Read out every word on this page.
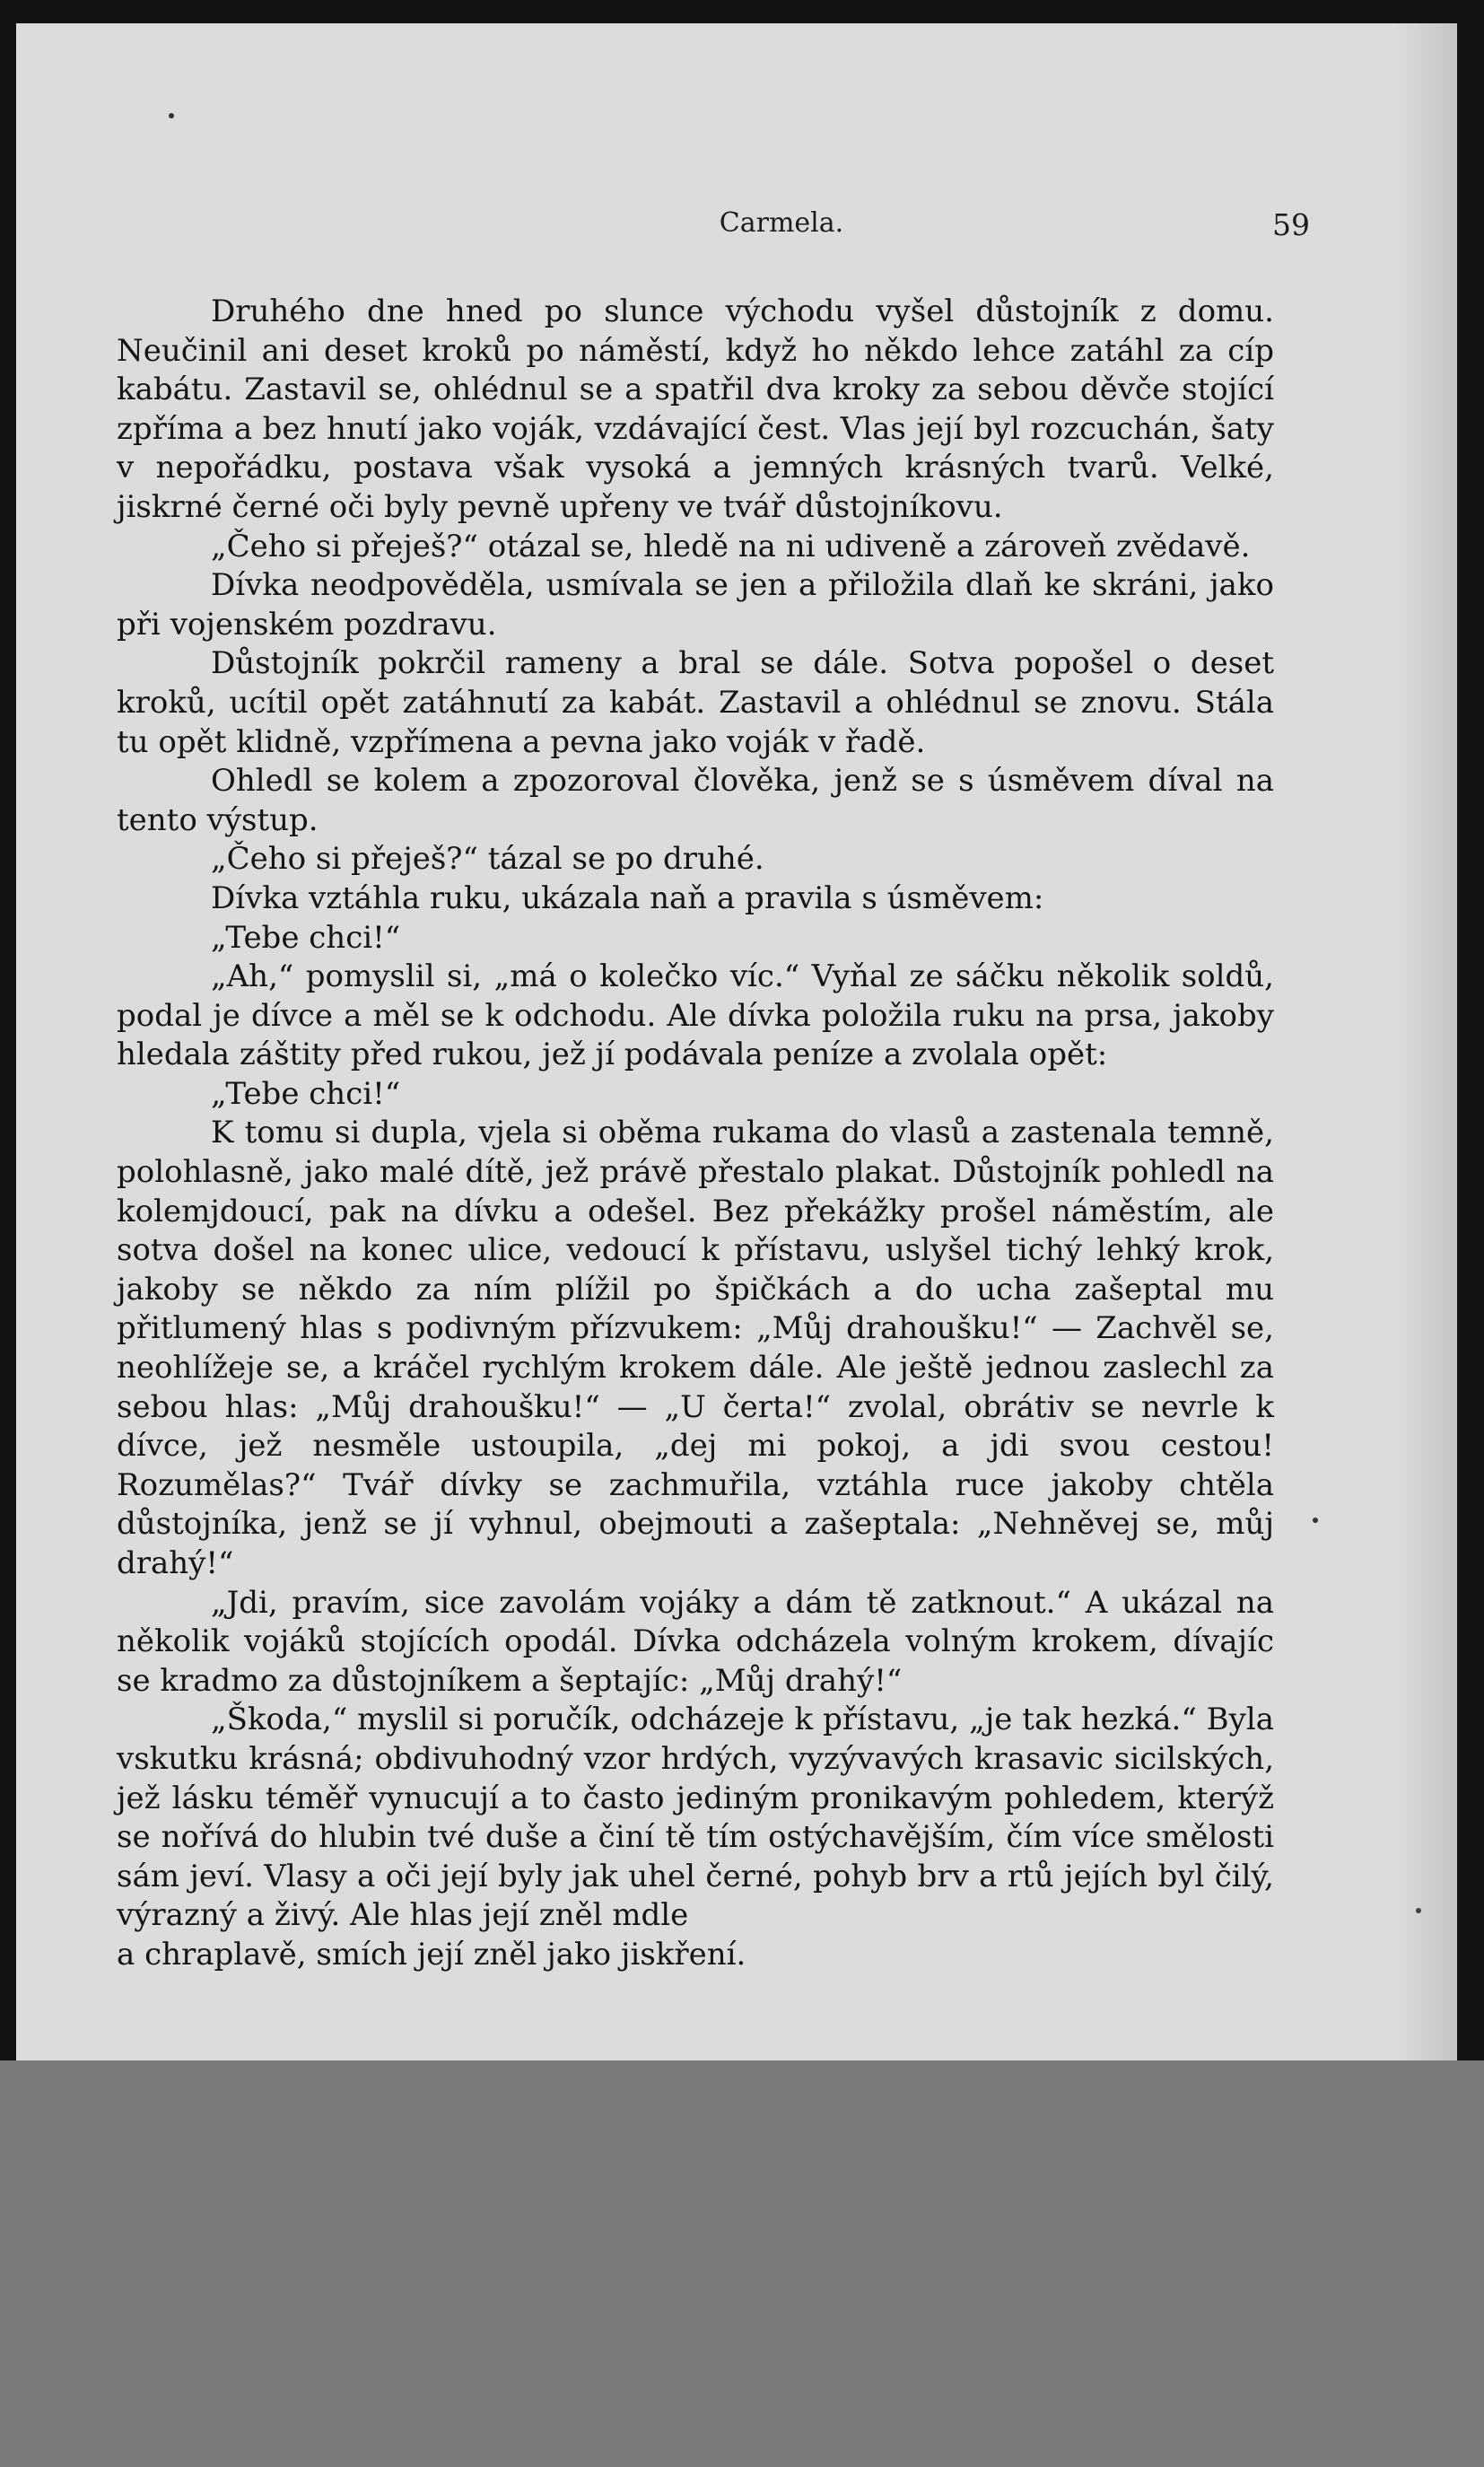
Carmela.	59

Druhého dne hned po slunce východu vyšel důstojník z domu. Neučinil ani deset kroků po náměstí, když ho někdo lehce zatáhl za cíp kabátu. Zastavil se, ohlédnul se a spatřil dva kroky za sebou děvče stojící zpříma a bez hnutí jako voják, vzdávající čest. Vlas její byl rozcuchán, šaty v nepořádku, postava však vysoká a jemných krásných tvarů. Velké, jiskrné černé oči byly pevně upřeny ve tvář důstojníkovu.

„Čeho si přeješ?“ otázal se, hledě na ni udiveně a zároveň zvědavě.

Dívka neodpověděla, usmívala se jen a přiložila dlaň ke skráni, jako při vojenském pozdravu.

Důstojník pokrčil rameny a bral se dále. Sotva popošel o deset kroků, ucítil opět zatáhnutí za kabát. Zastavil a ohlédnul se znovu. Stála tu opět klidně, vzpřímena a pevna jako voják v řadě.

Ohledl se kolem a zpozoroval člověka, jenž se s úsměvem díval na tento výstup.

„Čeho si přeješ?“ tázal se po druhé.

Dívka vztáhla ruku, ukázala naň a pravila s úsměvem:

„Tebe chci!“

„Ah,“ pomyslil si, „má o kolečko víc.“ Vyňal ze sáčku několik soldů, podal je dívce a měl se k odchodu. Ale dívka položila ruku na prsa, jakoby hledala záštity před rukou, jež jí podávala peníze a zvolala opět:

„Tebe chci!“

K tomu si dupla, vjela si oběma rukama do vlasů a zastenala temně, polohlasně, jako malé dítě, jež právě přestalo plakat. Důstojník pohledl na kolemjdoucí, pak na dívku a odešel. Bez překážky prošel náměstím, ale sotva došel na konec ulice, vedoucí k přístavu, uslyšel tichý lehký krok, jakoby se někdo za ním plížil po špičkách a do ucha zašeptal mu přitlumený hlas s podivným přízvukem: „Můj drahoušku!“ — Zachvěl se, neohlížeje se, a kráčel rychlým krokem dále. Ale ještě jednou zaslechl za sebou hlas: „Můj drahoušku!“ — „U čerta!“ zvolal, obrátiv se nevrle k dívce, jež nesměle ustoupila, „dej mi pokoj, a jdi svou cestou! Rozumělas?“ Tvář dívky se zachmuřila, vztáhla ruce jakoby chtěla důstojníka, jenž se jí vyhnul, obejmouti a zašeptala: „Nehněvej se, můj drahý!“

„Jdi, pravím, sice zavolám vojáky a dám tě zatknout.“ A ukázal na několik vojáků stojících opodál. Dívka odcházela volným krokem, dívajíc se kradmo za důstojníkem a šeptajíc: „Můj drahý!“

„Škoda,“ myslil si poručík, odcházeje k přístavu, „je tak hezká.“ Byla vskutku krásná; obdivuhodný vzor hrdých, vyzývavých krasavic sicilských, jež lásku téměř vynucují a to často jediným pronikavým pohledem, kterýž se nořívá do hlubin tvé duše a činí tě tím ostýchavějším, čím více smělosti sám jeví. Vlasy a oči její byly jak uhel černé, pohyb brv a rtů jejích byl čilý, výrazný a živý. Ale hlas její zněl mdle

a chraplavě, smích její zněl jako jiskření.
